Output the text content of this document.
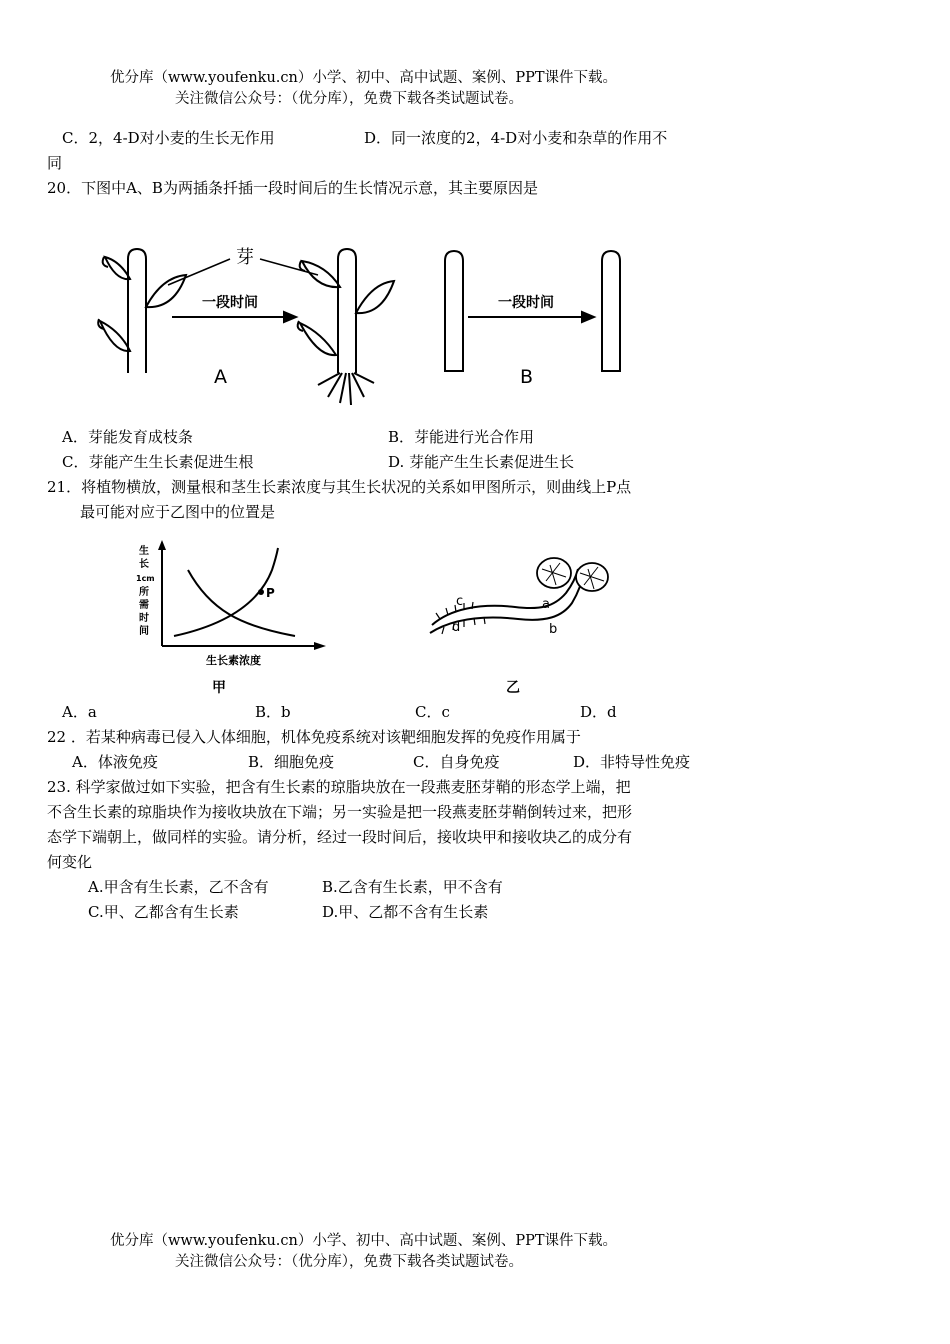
优分库（www.youfenku.cn）小学、初中、高中试题、案例、PPT课件下载。
关注微信公众号：（优分库），免费下载各类试题试卷。
C．2，4-D对小麦的生长无作用	D．同一浓度的2，4-D对小麦和杂草的作用不
同
20．下图中A、B为两插条扦插一段时间后的生长情况示意，其主要原因是
芽
一段时间	一段时间
A	B
A．芽能发育成枝条	B．芽能进行光合作用
C．芽能产生生长素促进生根	D. 芽能产生生长素促进生长
21．将植物横放，测量根和茎生长素浓度与其生长状况的关系如甲图所示，则曲线上P点
最可能对应于乙图中的位置是
P
生
长
1cm
所
需
时
间
生长素浓度
甲
a
b
c
d
乙
A．a	B．b	C．c	D．d
22 ．若某种病毒已侵入人体细胞，机体免疫系统对该靶细胞发挥的免疫作用属于
A．体液免疫	B．细胞免疫	C．自身免疫	D．非特导性免疫
23. 科学家做过如下实验，把含有生长素的琼脂块放在一段燕麦胚芽鞘的形态学上端，把
不含生长素的琼脂块作为接收块放在下端；另一实验是把一段燕麦胚芽鞘倒转过来，把形
态学下端朝上，做同样的实验。请分析，经过一段时间后，接收块甲和接收块乙的成分有
何变化
A.甲含有生长素，乙不含有	B.乙含有生长素，甲不含有
C.甲、乙都含有生长素	D.甲、乙都不含有生长素
优分库（www.youfenku.cn）小学、初中、高中试题、案例、PPT课件下载。
关注微信公众号：（优分库），免费下载各类试题试卷。
